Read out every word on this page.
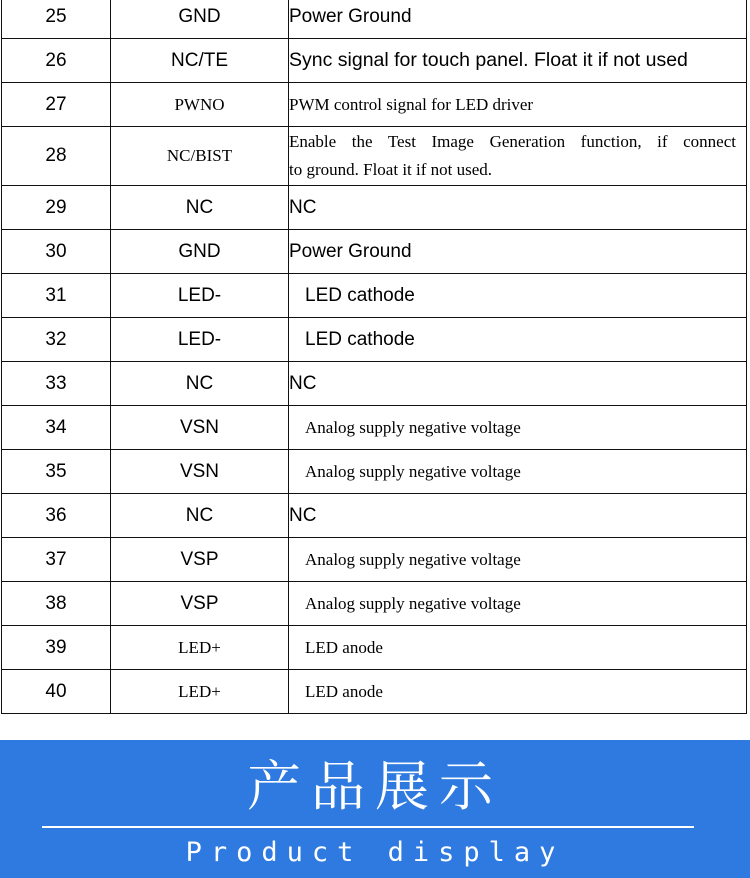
25	GND	Power Ground
26	NC/TE	Sync signal for touch panel. Float it if not used
27	PWNO	PWM control signal for LED driver
28	NC/BIST	Enable the Test Image Generation function, if connect
to ground. Float it if not used.

29	NC	NC
30	GND	Power Ground
31	LED-	LED cathode
32	LED-	LED cathode
33	NC	NC
34	VSN	Analog supply negative voltage
35	VSN	Analog supply negative voltage
36	NC	NC
37	VSP	Analog supply negative voltage
38	VSP	Analog supply negative voltage
39	LED+	LED anode
40	LED+	LED anode
产品展示
Product display
